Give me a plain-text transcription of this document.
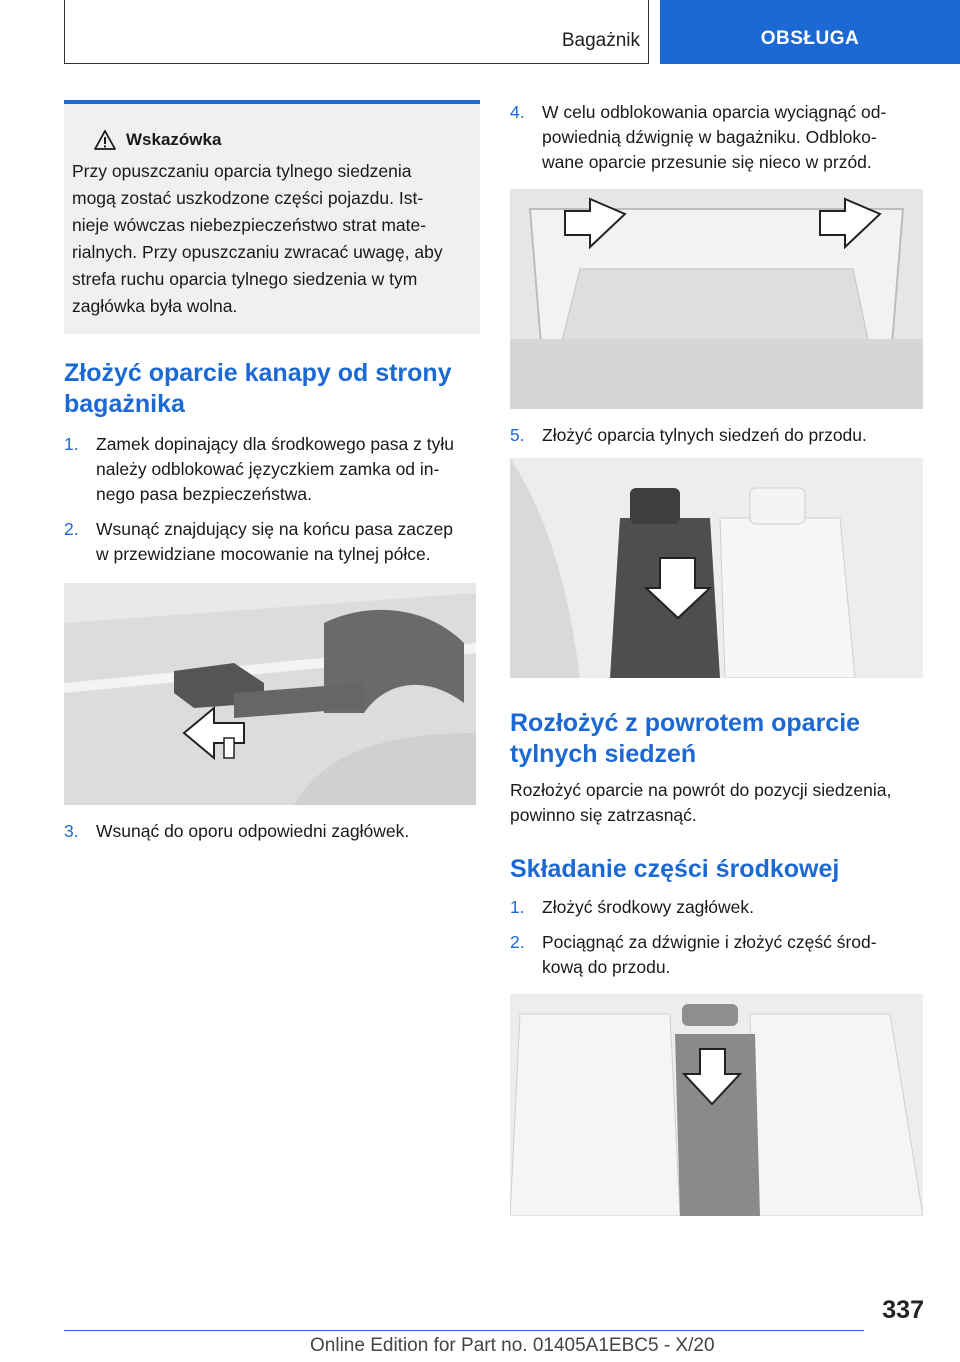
Bagażnik	OBSŁUGA
Wskazówka
Przy opuszczaniu oparcia tylnego siedzenia
mogą zostać uszkodzone części pojazdu. Ist-
nieje wówczas niebezpieczeństwo strat mate-
rialnych. Przy opuszczaniu zwracać uwagę, aby
strefa ruchu oparcia tylnego siedzenia w tym
zagłówka była wolna.
Złożyć oparcie kanapy od strony
bagażnika
1. Zamek dopinający dla środkowego pasa z tyłu
należy odblokować języczkiem zamka od in-
nego pasa bezpieczeństwa.
2. Wsunąć znajdujący się na końcu pasa zaczep
w przewidziane mocowanie na tylnej półce.
3. Wsunąć do oporu odpowiedni zagłówek.
4. W celu odblokowania oparcia wyciągnąć od-
powiednią dźwignię w bagażniku. Odbloko-
wane oparcie przesunie się nieco w przód.
5. Złożyć oparcia tylnych siedzeń do przodu.
Rozłożyć z powrotem oparcie
tylnych siedzeń
Rozłożyć oparcie na powrót do pozycji siedzenia,
powinno się zatrzasnąć.
Składanie części środkowej
1. Złożyć środkowy zagłówek.
2. Pociągnąć za dźwignie i złożyć część środ-
kową do przodu.
337
Online Edition for Part no. 01405A1EBC5 - X/20
